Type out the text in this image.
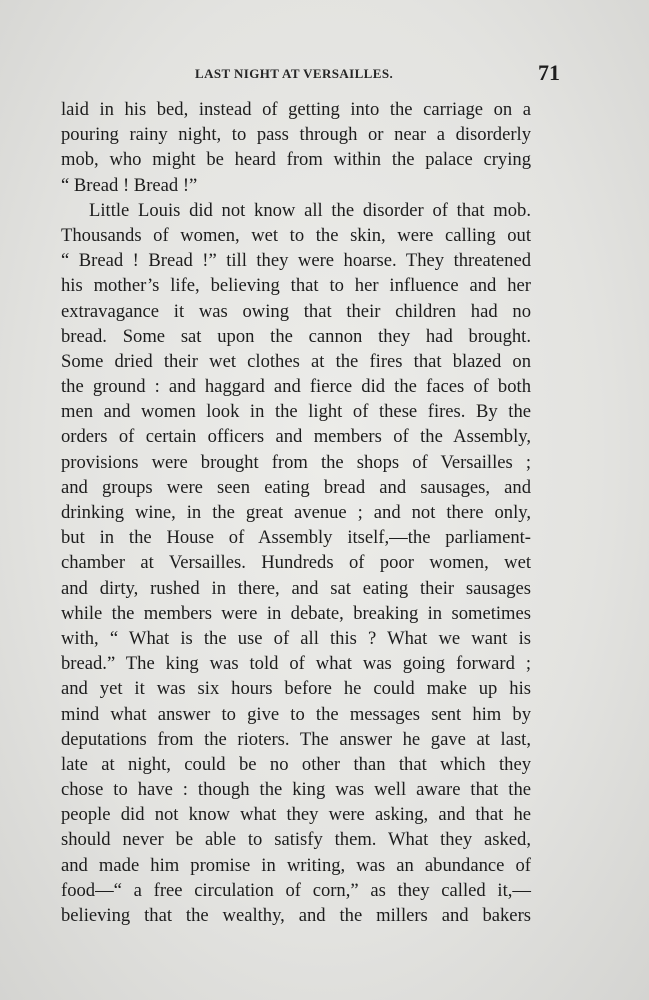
LAST NIGHT AT VERSAILLES.	71
laid in his bed, instead of getting into the carriage on a
pouring rainy night, to pass through or near a disorderly
mob, who might be heard from within the palace crying
“ Bread ! Bread !”
Little Louis did not know all the disorder of that mob.
Thousands of women, wet to the skin, were calling out
“ Bread ! Bread !” till they were hoarse. They threatened
his mother’s life, believing that to her influence and her
extravagance it was owing that their children had no
bread. Some sat upon the cannon they had brought.
Some dried their wet clothes at the fires that blazed on
the ground : and haggard and fierce did the faces of both
men and women look in the light of these fires. By the
orders of certain officers and members of the Assembly,
provisions were brought from the shops of Versailles ;
and groups were seen eating bread and sausages, and
drinking wine, in the great avenue ; and not there only,
but in the House of Assembly itself,—the parliament-
chamber at Versailles. Hundreds of poor women, wet
and dirty, rushed in there, and sat eating their sausages
while the members were in debate, breaking in sometimes
with, “ What is the use of all this ? What we want is
bread.” The king was told of what was going forward ;
and yet it was six hours before he could make up his
mind what answer to give to the messages sent him by
deputations from the rioters. The answer he gave at last,
late at night, could be no other than that which they
chose to have : though the king was well aware that the
people did not know what they were asking, and that he
should never be able to satisfy them. What they asked,
and made him promise in writing, was an abundance of
food—“ a free circulation of corn,” as they called it,—
believing that the wealthy, and the millers and bakers
